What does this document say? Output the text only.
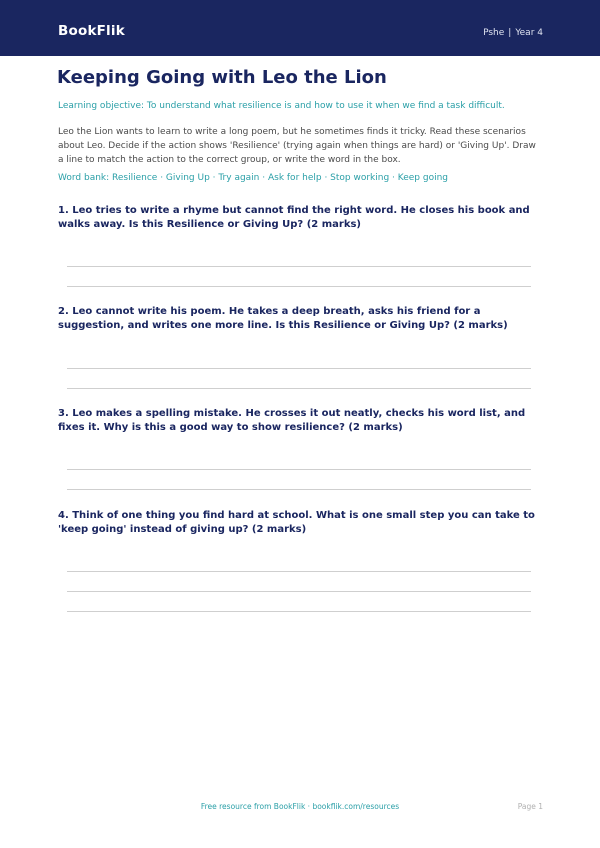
BookFlik	Pshe | Year 4
Keeping Going with Leo the Lion
Learning objective: To understand what resilience is and how to use it when we find a task difficult.
Leo the Lion wants to learn to write a long poem, but he sometimes finds it tricky. Read these scenarios about Leo. Decide if the action shows 'Resilience' (trying again when things are hard) or 'Giving Up'. Draw a line to match the action to the correct group, or write the word in the box.
Word bank: Resilience · Giving Up · Try again · Ask for help · Stop working · Keep going
1. Leo tries to write a rhyme but cannot find the right word. He closes his book and walks away. Is this Resilience or Giving Up? (2 marks)
2. Leo cannot write his poem. He takes a deep breath, asks his friend for a suggestion, and writes one more line. Is this Resilience or Giving Up? (2 marks)
3. Leo makes a spelling mistake. He crosses it out neatly, checks his word list, and fixes it. Why is this a good way to show resilience? (2 marks)
4. Think of one thing you find hard at school. What is one small step you can take to 'keep going' instead of giving up? (2 marks)
Free resource from BookFlik · bookflik.com/resources	Page 1
